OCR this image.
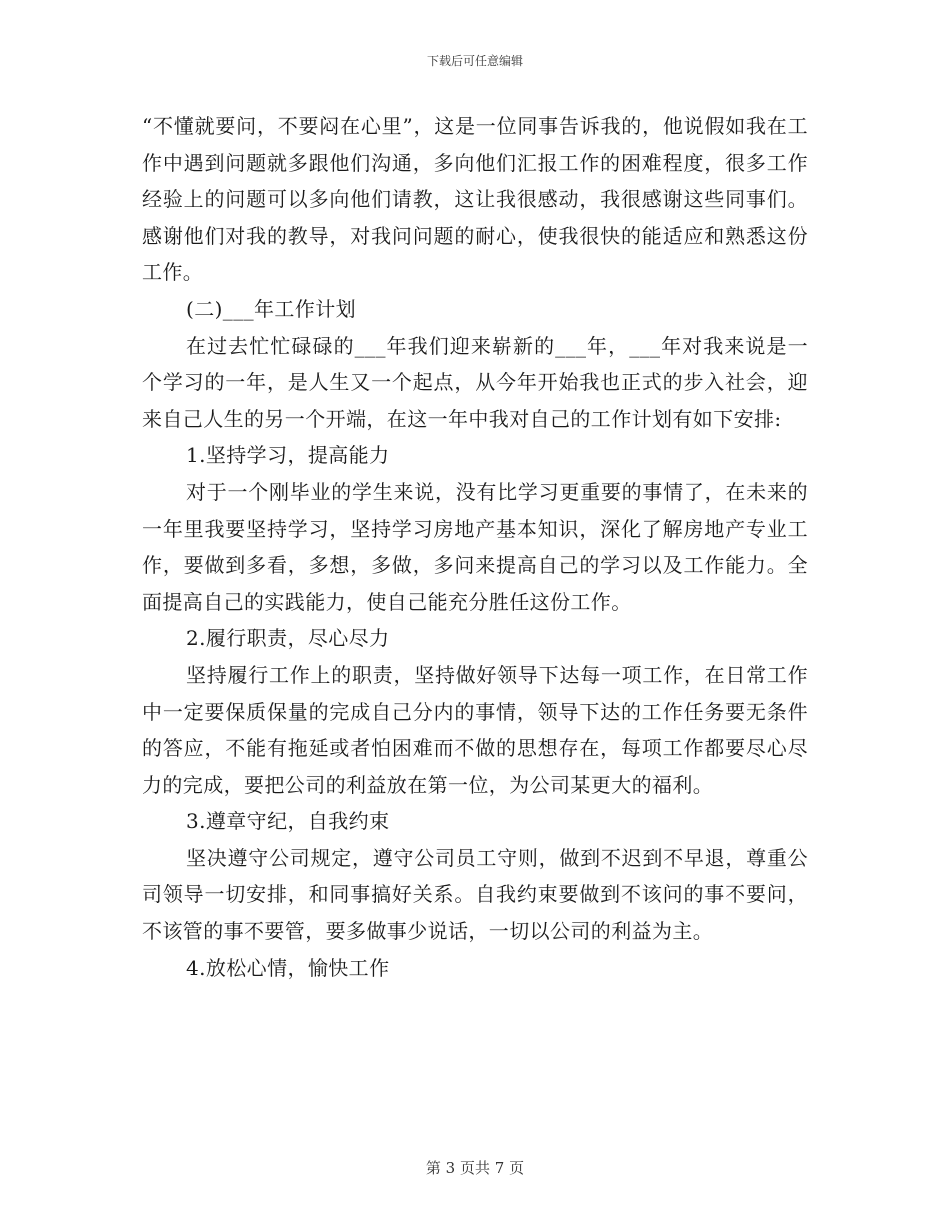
下载后可任意编辑

“不懂就要问，不要闷在心里”，这是一位同事告诉我的，他说假如我在工作中遇到问题就多跟他们沟通，多向他们汇报工作的困难程度，很多工作经验上的问题可以多向他们请教，这让我很感动，我很感谢这些同事们。感谢他们对我的教导，对我问问题的耐心，使我很快的能适应和熟悉这份工作。

(二)___年工作计划

在过去忙忙碌碌的___年我们迎来崭新的___年，___年对我来说是一个学习的一年，是人生又一个起点，从今年开始我也正式的步入社会，迎来自己人生的另一个开端，在这一年中我对自己的工作计划有如下安排:

1.坚持学习，提高能力

对于一个刚毕业的学生来说，没有比学习更重要的事情了，在未来的一年里我要坚持学习，坚持学习房地产基本知识，深化了解房地产专业工作，要做到多看，多想，多做，多问来提高自己的学习以及工作能力。全面提高自己的实践能力，使自己能充分胜任这份工作。

2.履行职责，尽心尽力

坚持履行工作上的职责，坚持做好领导下达每一项工作，在日常工作中一定要保质保量的完成自己分内的事情，领导下达的工作任务要无条件的答应，不能有拖延或者怕困难而不做的思想存在，每项工作都要尽心尽力的完成，要把公司的利益放在第一位，为公司某更大的福利。

3.遵章守纪，自我约束

坚决遵守公司规定，遵守公司员工守则，做到不迟到不早退，尊重公司领导一切安排，和同事搞好关系。自我约束要做到不该问的事不要问，不该管的事不要管，要多做事少说话，一切以公司的利益为主。

4.放松心情，愉快工作

第 3 页共 7 页
